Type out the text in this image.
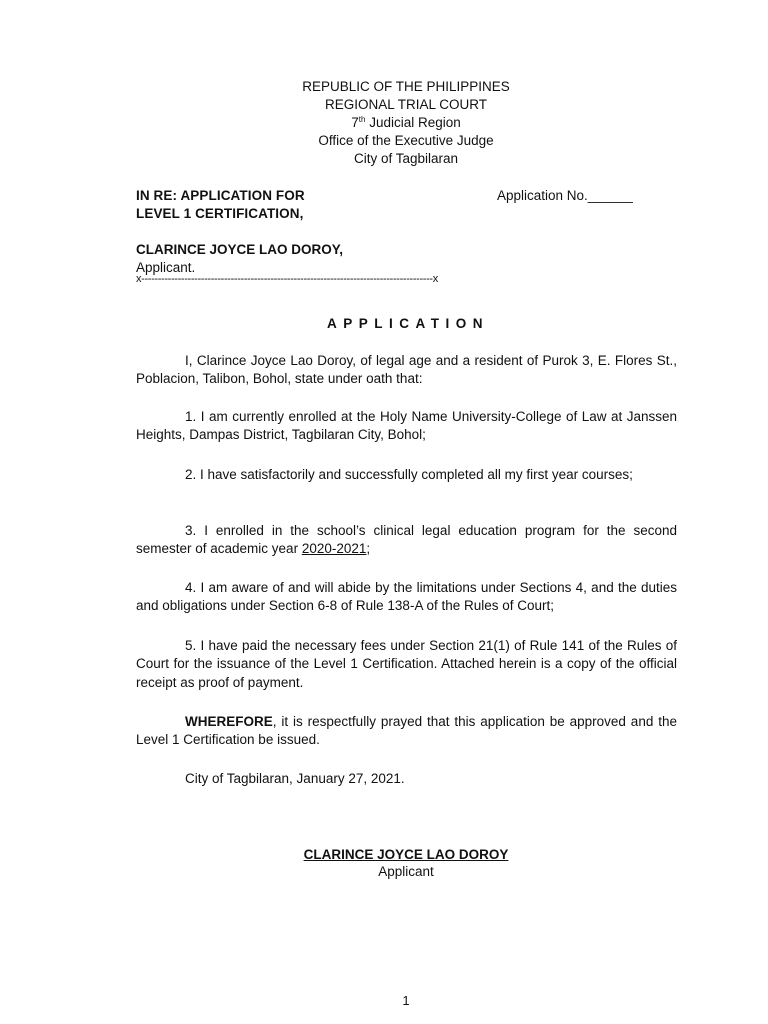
REPUBLIC OF THE PHILIPPINES
REGIONAL TRIAL COURT
7th Judicial Region
Office of the Executive Judge
City of Tagbilaran
IN RE: APPLICATION FOR
LEVEL 1 CERTIFICATION,
Application No.______
CLARINCE JOYCE LAO DOROY,
Applicant.
x----------------------------------------------------------------------------------------x
APPLICATION

I, Clarince Joyce Lao Doroy, of legal age and a resident of Purok 3, E. Flores St., Poblacion, Talibon, Bohol, state under oath that:

1. I am currently enrolled at the Holy Name University-College of Law at Janssen Heights, Dampas District, Tagbilaran City, Bohol;

2. I have satisfactorily and successfully completed all my first year courses;

3. I enrolled in the school’s clinical legal education program for the second semester of academic year 2020-2021;

4. I am aware of and will abide by the limitations under Sections 4, and the duties and obligations under Section 6-8 of Rule 138-A of the Rules of Court;

5. I have paid the necessary fees under Section 21(1) of Rule 141 of the Rules of Court for the issuance of the Level 1 Certification. Attached herein is a copy of the official receipt as proof of payment.

WHEREFORE, it is respectfully prayed that this application be approved and the Level 1 Certification be issued.

City of Tagbilaran, January 27, 2021.

CLARINCE JOYCE LAO DOROY
Applicant
1
